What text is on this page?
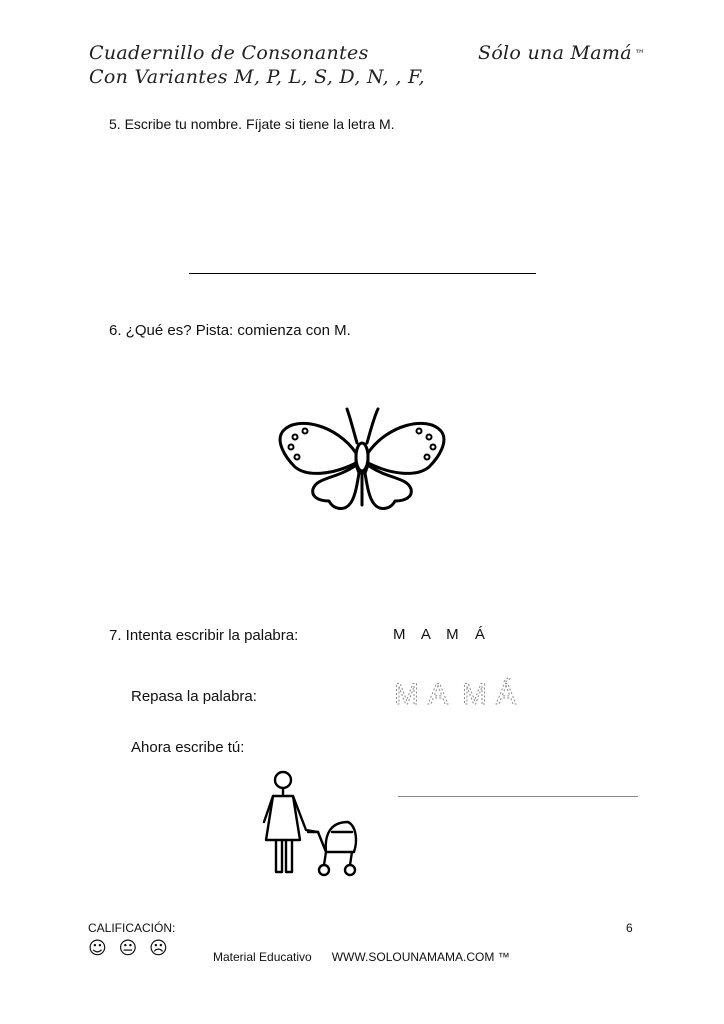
Cuadernillo de Consonantes
Con Variantes M, P, L, S, D, N, , F,
Sólo una Mamá ™
5. Escribe tu nombre. Fíjate si tiene la letra M.
6. ¿Qué es? Pista: comienza con M.
7. Intenta escribir la palabra:	M A M Á
Repasa la palabra:	M A M Á
Ahora escribe tú:
CALIFICACIÓN:
☺ 😐 ☹
6
Material Educativo WWW.SOLOUNAMAMA.COM ™
